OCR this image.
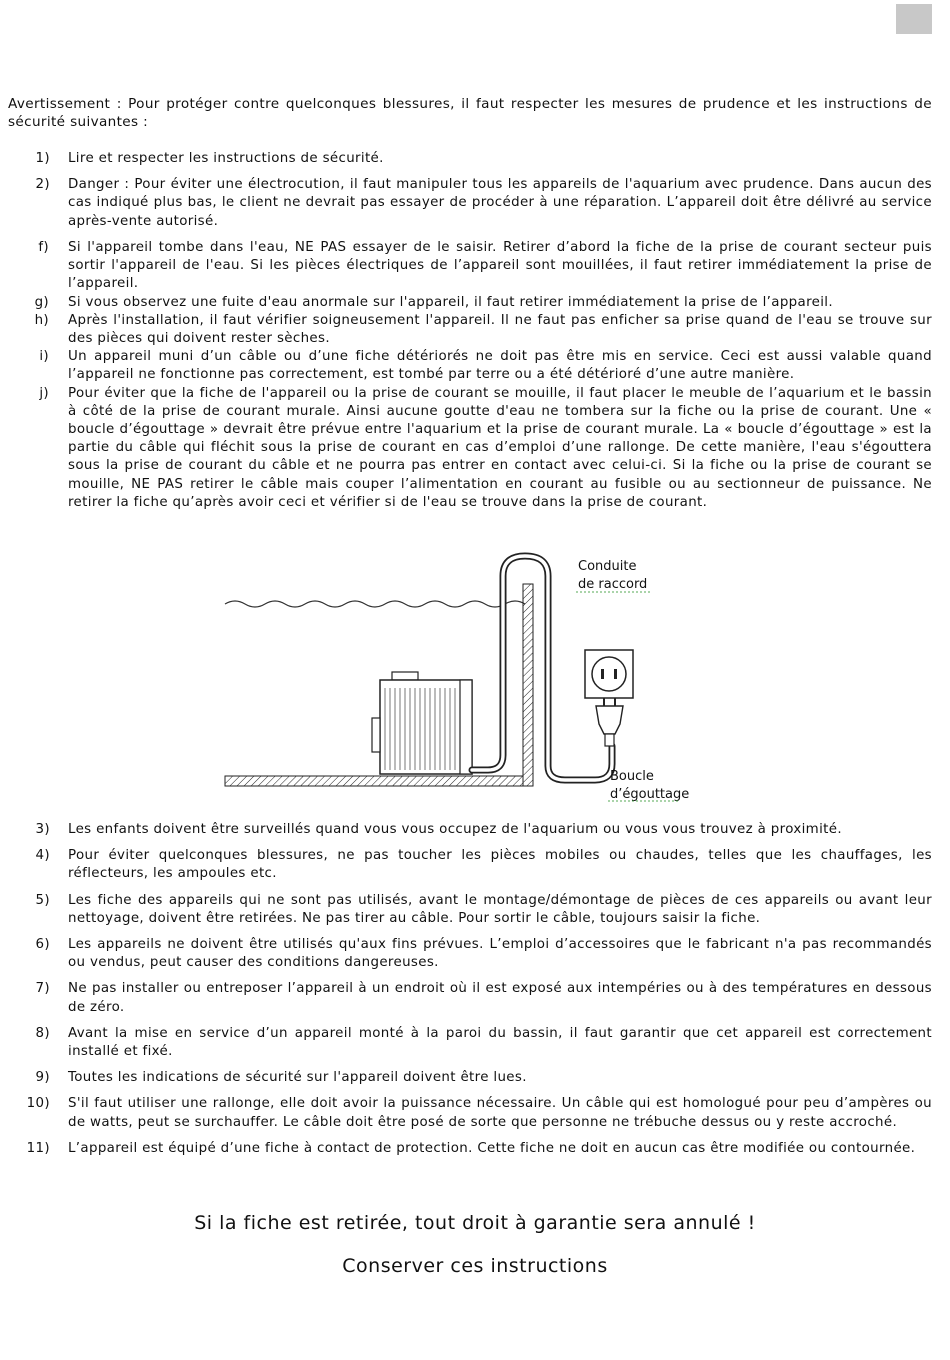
Avertissement : Pour protéger contre quelconques blessures, il faut respecter les mesures de prudence et les instructions de sécurité suivantes :

1) Lire et respecter les instructions de sécurité.
2) Danger : Pour éviter une électrocution, il faut manipuler tous les appareils de l'aquarium avec prudence. Dans aucun des cas indiqué plus bas, le client ne devrait pas essayer de procéder à une réparation. L’appareil doit être délivré au service après-vente autorisé.
f) Si l'appareil tombe dans l'eau, NE PAS essayer de le saisir. Retirer d’abord la fiche de la prise de courant secteur puis sortir l'appareil de l'eau. Si les pièces électriques de l’appareil sont mouillées, il faut retirer immédiatement la prise de l’appareil.
g) Si vous observez une fuite d'eau anormale sur l'appareil, il faut retirer immédiatement la prise de l’appareil.
h) Après l'installation, il faut vérifier soigneusement l'appareil. Il ne faut pas enficher sa prise quand de l'eau se trouve sur des pièces qui doivent rester sèches.
i) Un appareil muni d’un câble ou d’une fiche détériorés ne doit pas être mis en service. Ceci est aussi valable quand l’appareil ne fonctionne pas correctement, est tombé par terre ou a été détérioré d’une autre manière.
j) Pour éviter que la fiche de l'appareil ou la prise de courant se mouille, il faut placer le meuble de l’aquarium et le bassin à côté de la prise de courant murale. Ainsi aucune goutte d'eau ne tombera sur la fiche ou la prise de courant. Une « boucle d’égouttage » devrait être prévue entre l'aquarium et la prise de courant murale. La « boucle d’égouttage » est la partie du câble qui fléchit sous la prise de courant en cas d’emploi d’une rallonge. De cette manière, l'eau s'égouttera sous la prise de courant du câble et ne pourra pas entrer en contact avec celui-ci. Si la fiche ou la prise de courant se mouille, NE PAS retirer le câble mais couper l’alimentation en courant au fusible ou au sectionneur de puissance. Ne retirer la fiche qu’après avoir ceci et vérifier si de l'eau se trouve dans la prise de courant.
Conduite
de raccord
Boucle
d’égouttage
3) Les enfants doivent être surveillés quand vous vous occupez de l'aquarium ou vous vous trouvez à proximité.
4) Pour éviter quelconques blessures, ne pas toucher les pièces mobiles ou chaudes, telles que les chauffages, les réflecteurs, les ampoules etc.
5) Les fiche des appareils qui ne sont pas utilisés, avant le montage/démontage de pièces de ces appareils ou avant leur nettoyage, doivent être retirées. Ne pas tirer au câble. Pour sortir le câble, toujours saisir la fiche.
6) Les appareils ne doivent être utilisés qu'aux fins prévues. L’emploi d’accessoires que le fabricant n'a pas recommandés ou vendus, peut causer des conditions dangereuses.
7) Ne pas installer ou entreposer l’appareil à un endroit où il est exposé aux intempéries ou à des températures en dessous de zéro.
8) Avant la mise en service d’un appareil monté à la paroi du bassin, il faut garantir que cet appareil est correctement installé et fixé.
9) Toutes les indications de sécurité sur l'appareil doivent être lues.
10) S'il faut utiliser une rallonge, elle doit avoir la puissance nécessaire. Un câble qui est homologué pour peu d’ampères ou de watts, peut se surchauffer. Le câble doit être posé de sorte que personne ne trébuche dessus ou y reste accroché.
11) L’appareil est équipé d’une fiche à contact de protection. Cette fiche ne doit en aucun cas être modifiée ou contournée.
Si la fiche est retirée, tout droit à garantie sera annulé !
Conserver ces instructions
